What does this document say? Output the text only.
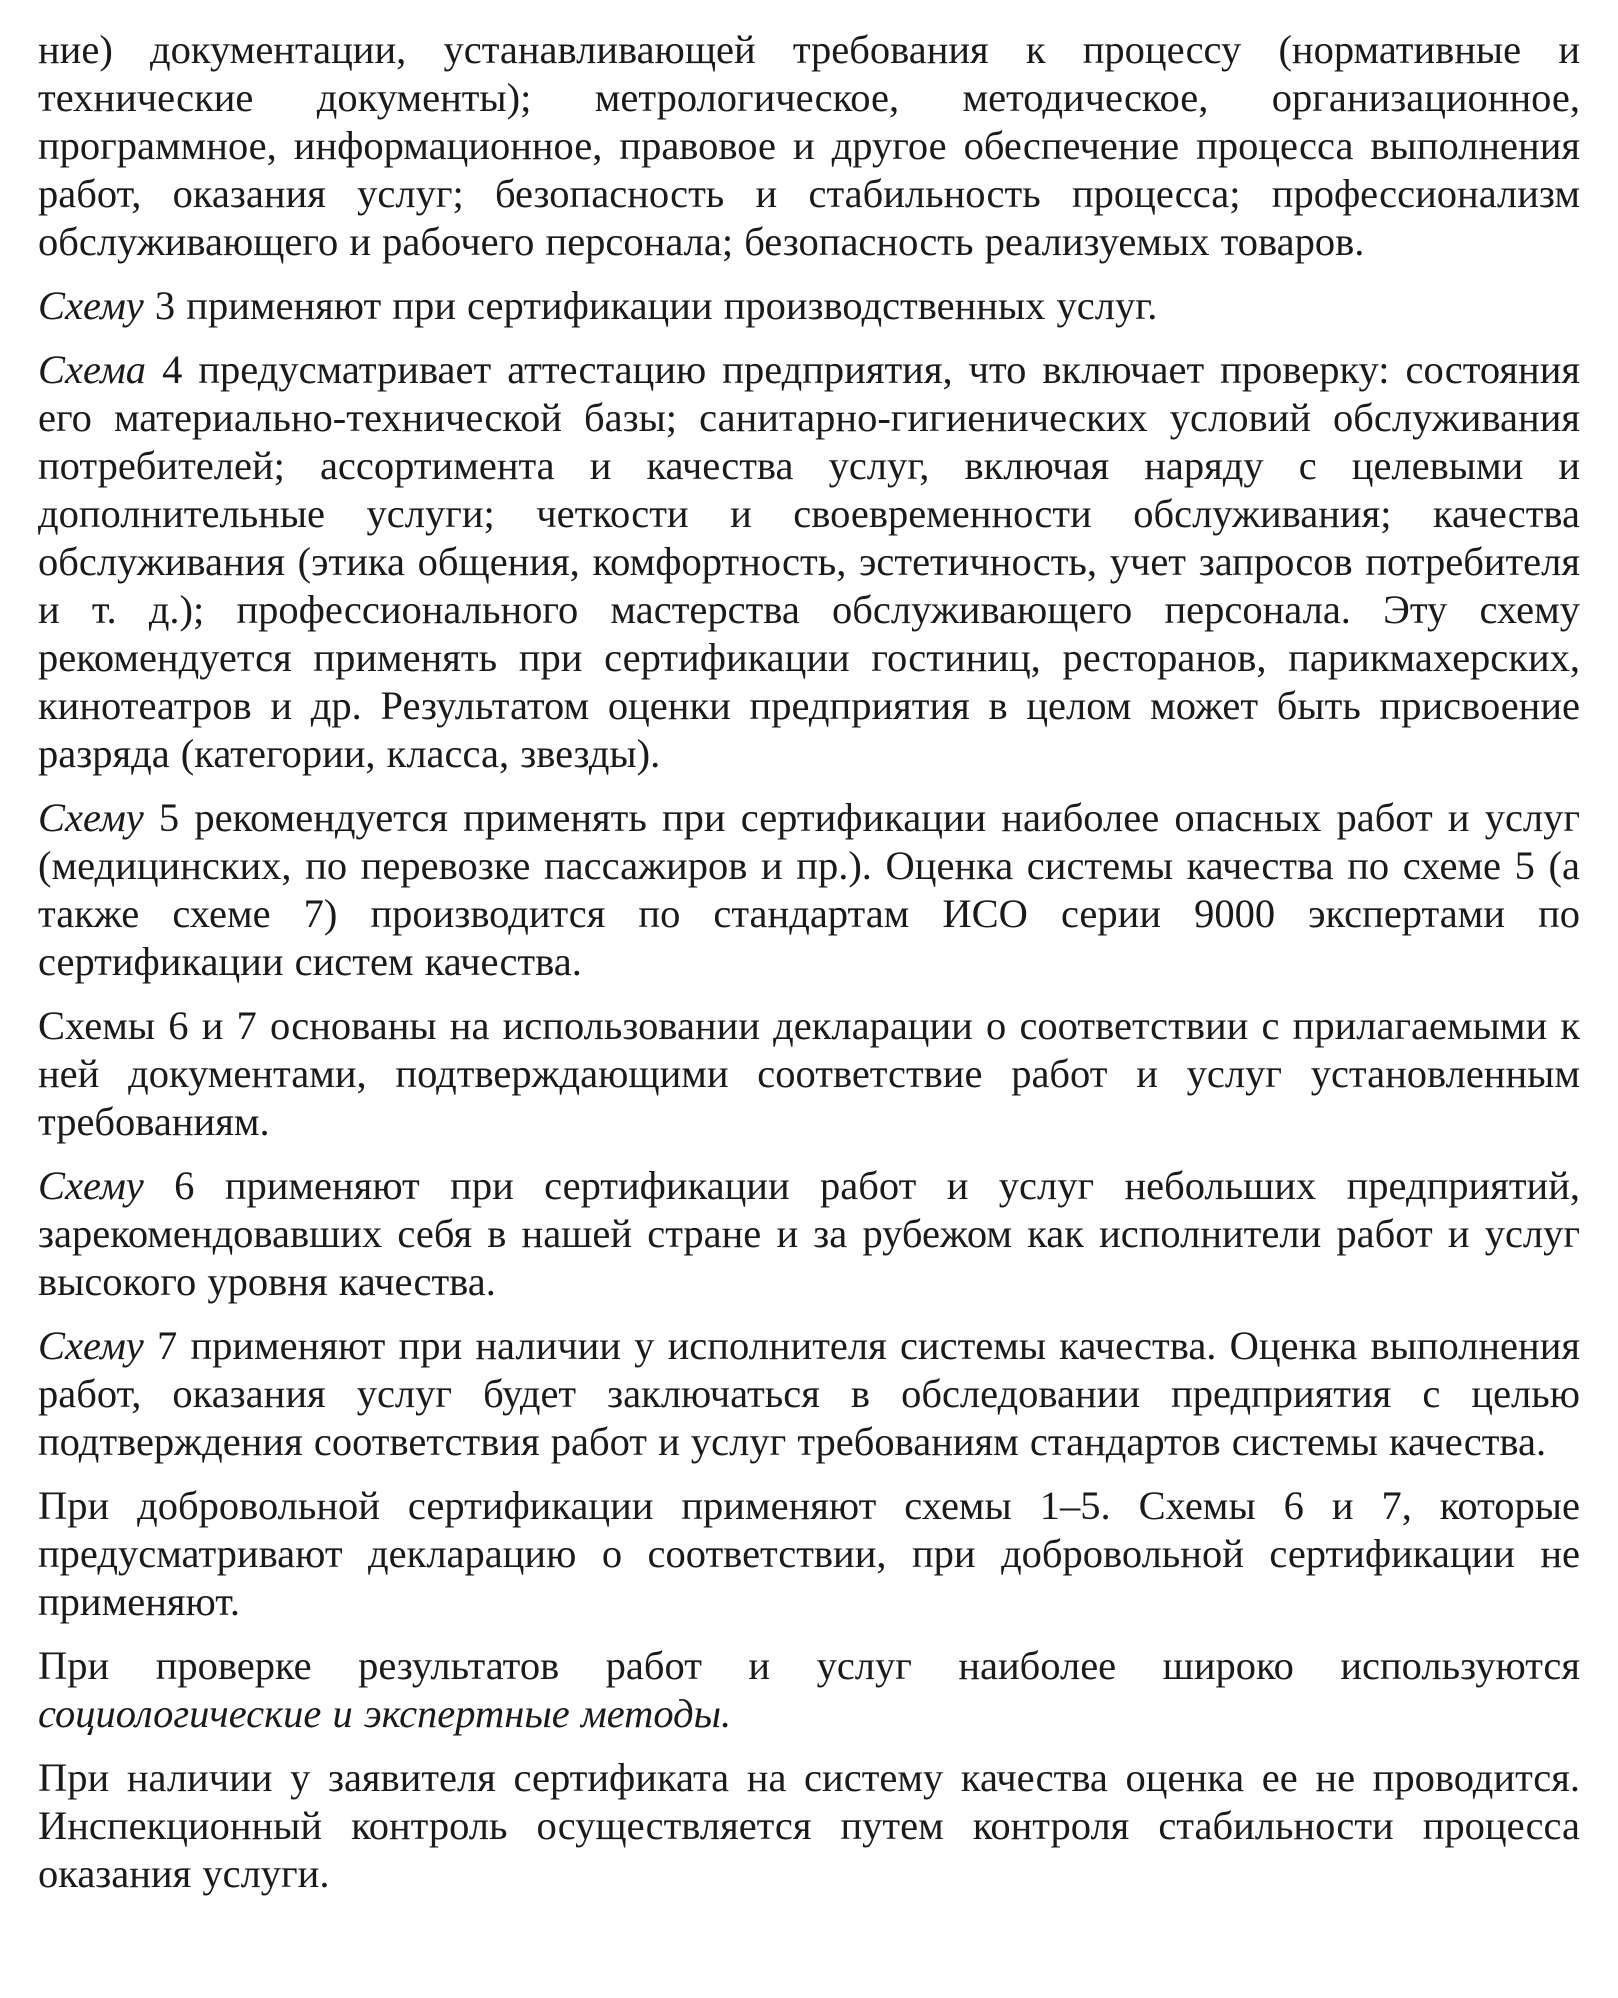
ние) документации, устанавливающей требования к процессу (нормативные и технические документы); метрологическое, методическое, организационное, программное, информационное, правовое и другое обеспечение процесса выполнения работ, оказания услуг; безопасность и стабильность процесса; профессионализм обслуживающего и рабочего персонала; безопасность реализуемых товаров.

Схему 3 применяют при сертификации производственных услуг.

Схема 4 предусматривает аттестацию предприятия, что включает проверку: состояния его материально-технической базы; санитарно-гигиенических условий обслуживания потребителей; ассортимента и качества услуг, включая наряду с целевыми и дополнительные услуги; четкости и своевременности обслуживания; качества обслуживания (этика общения, комфортность, эстетичность, учет запросов потребителя и т. д.); профессионального мастерства обслуживающего персонала. Эту схему рекомендуется применять при сертификации гостиниц, ресторанов, парикмахерских, кинотеатров и др. Результатом оценки предприятия в целом может быть присвоение разряда (категории, класса, звезды).

Схему 5 рекомендуется применять при сертификации наиболее опасных работ и услуг (медицинских, по перевозке пассажиров и пр.). Оценка системы качества по схеме 5 (а также схеме 7) производится по стандартам ИСО серии 9000 экспертами по сертификации систем качества.

Схемы 6 и 7 основаны на использовании декларации о соответствии с прилагаемыми к ней документами, подтверждающими соответствие работ и услуг установленным требованиям.

Схему 6 применяют при сертификации работ и услуг небольших предприятий, зарекомендовавших себя в нашей стране и за рубежом как исполнители работ и услуг высокого уровня качества.

Схему 7 применяют при наличии у исполнителя системы качества. Оценка выполнения работ, оказания услуг будет заключаться в обследовании предприятия с целью подтверждения соответствия работ и услуг требованиям стандартов системы качества.

При добровольной сертификации применяют схемы 1–5. Схемы 6 и 7, которые предусматривают декларацию о соответствии, при добровольной сертификации не применяют.

При проверке результатов работ и услуг наиболее широко используются социологические и экспертные методы.

При наличии у заявителя сертификата на систему качества оценка ее не проводится. Инспекционный контроль осуществляется путем контроля стабильности процесса оказания услуги.
